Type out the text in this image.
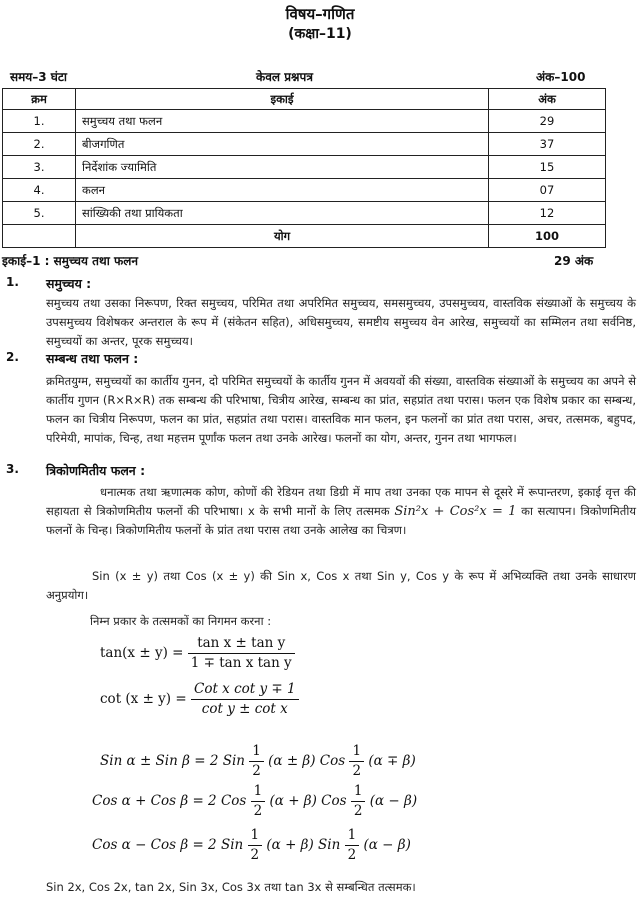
विषय–गणित
(कक्षा–11)
समय–3 घंटा	केवल प्रश्नपत्र	अंक–100
क्रम	इकाई	अंक
1.	समुच्चय तथा फलन	29
2.	बीजगणित	37
3.	निर्देशांक ज्यामिति	15
4.	कलन	07
5.	सांख्यिकी तथा प्रायिकता	12
	योग	100
इकाई–1 : समुच्चय तथा फलन	29 अंक
1. समुच्चय :
समुच्चय तथा उसका निरूपण, रिक्त समुच्चय, परिमित तथा अपरिमित समुच्चय, समसमुच्चय, उपसमुच्चय, वास्तविक संख्याओं के समुच्चय के उपसमुच्चय विशेषकर अन्तराल के रूप में (संकेतन सहित), अधिसमुच्चय, समष्टीय समुच्चय वेन आरेख, समुच्चयों का सम्मिलन तथा सर्वनिष्ठ, समुच्चयों का अन्तर, पूरक समुच्चय।
2. सम्बन्ध तथा फलन :
क्रमितयुग्म, समुच्चयों का कार्तीय गुनन, दो परिमित समुच्चयों के कार्तीय गुनन में अवयवों की संख्या, वास्तविक संख्याओं के समुच्चय का अपने से कार्तीय गुणन (R×R×R) तक सम्बन्ध की परिभाषा, चित्रीय आरेख, सम्बन्ध का प्रांत, सहप्रांत तथा परास। फलन एक विशेष प्रकार का सम्बन्ध, फलन का चित्रीय निरूपण, फलन का प्रांत, सहप्रांत तथा परास। वास्तविक मान फलन, इन फलनों का प्रांत तथा परास, अचर, तत्समक, बहुपद, परिमेयी, मापांक, चिन्ह, तथा महत्तम पूर्णांक फलन तथा उनके आरेख। फलनों का योग, अन्तर, गुनन तथा भागफल।
3. त्रिकोणमितीय फलन :
धनात्मक तथा ऋणात्मक कोण, कोणों की रेडियन तथा डिग्री में माप तथा उनका एक मापन से दूसरे में रूपान्तरण, इकाई वृत्त की सहायता से त्रिकोणमितीय फलनों की परिभाषा। x के सभी मानों के लिए तत्समक Sin²x + Cos²x = 1 का सत्यापन। त्रिकोणमितीय फलनों के चिन्ह। त्रिकोणमितीय फलनों के प्रांत तथा परास तथा उनके आलेख का चित्रण।
Sin (x ± y) तथा Cos (x ± y) की Sin x, Cos x तथा Sin y, Cos y के रूप में अभिव्यक्ति तथा उनके साधारण अनुप्रयोग।
निम्न प्रकार के तत्समकों का निगमन करना :
$\tan(x \pm y) = \frac{\text{tan x ± tan y}}{\text{1 ∓ tan x tan y}}$
$\cot (x \pm y) = \frac{\text{Cot x cot y ∓ 1}}{\text{cot y ± cot x}}$
Sin α ± Sin β = 2 Sin $\frac{1}{2} (\alpha \pm \beta)$ Cos $\frac{1}{2} (\alpha \mp \beta)$
Cos α + Cos β = 2 Cos $\frac{1}{2} (\alpha + \beta)$ Cos $\frac{1}{2} (\alpha - \beta)$
Cos α − Cos β = 2 Sin $\frac{1}{2} (\alpha + \beta)$ Sin $\frac{1}{2} (\alpha - \beta)$
Sin 2x, Cos 2x, tan 2x, Sin 3x, Cos 3x तथा tan 3x से सम्बन्धित तत्समक।
